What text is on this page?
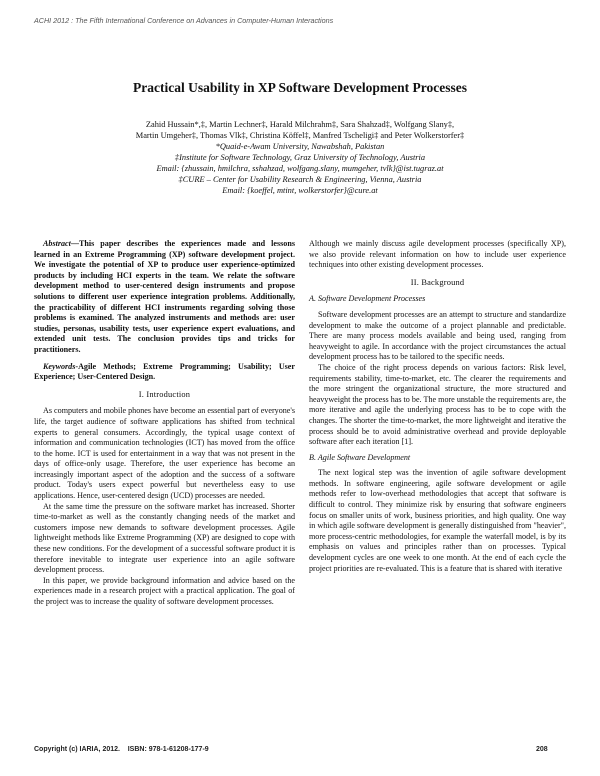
ACHI 2012 : The Fifth International Conference on Advances in Computer-Human Interactions
Practical Usability in XP Software Development Processes
Zahid Hussain*,‡, Martin Lechner‡, Harald Milchrahm‡, Sara Shahzad‡, Wolfgang Slany‡,
Martin Umgeher‡, Thomas Vlk‡, Christina Köffel‡, Manfred Tscheligi‡ and Peter Wolkerstorfer‡
*Quaid-e-Awam University, Nawabshah, Pakistan
‡Institute for Software Technology, Graz University of Technology, Austria
Email: {zhussain, hmilchra, sshahzad, wolfgang.slany, mumgeher, tvlk}@ist.tugraz.at
‡CURE – Center for Usability Research & Engineering, Vienna, Austria
Email: {koeffel, mtint, wolkerstorfer}@cure.at

Abstract—This paper describes the experiences made and lessons learned in an Extreme Programming (XP) software development project. We investigate the potential of XP to produce user experience-optimized products by including HCI experts in the team. We relate the software development method to user-centered design instruments and propose solutions to different user experience integration problems. Additionally, the practicability of different HCI instruments regarding solving those problems is examined. The analyzed instruments and methods are: user studies, personas, usability tests, user experience expert evaluations, and extended unit tests. The conclusion provides tips and tricks for practitioners.

Keywords-Agile Methods; Extreme Programming; Usability; User Experience; User-Centered Design.

I. Introduction

As computers and mobile phones have become an essential part of everyone's life, the target audience of software applications has shifted from technical experts to general consumers. Accordingly, the typical usage context of information and communication technologies (ICT) has moved from the office to the home. ICT is used for entertainment in a way that was not present in the days of office-only usage. Therefore, the user experience has become an increasingly important aspect of the adoption and the success of a software product. Today's users expect powerful but nevertheless easy to use applications. Hence, user-centered design (UCD) processes are needed.

At the same time the pressure on the software market has increased. Shorter time-to-market as well as the constantly changing needs of the market and customers impose new demands to software development processes. Agile lightweight methods like Extreme Programming (XP) are designed to cope with these new conditions. For the development of a successful software product it is therefore inevitable to integrate user experience into an agile software development process.

In this paper, we provide background information and advice based on the experiences made in a research project with a practical application. The goal of the project was to increase the quality of software development processes.

Although we mainly discuss agile development processes (specifically XP), we also provide relevant information on how to include user experience techniques into other existing development processes.

II. Background

A. Software Development Processes

Software development processes are an attempt to structure and standardize development to make the outcome of a project plannable and predictable. There are many process models available and being used, ranging from heavyweight to agile. In accordance with the project circumstances the actual development process has to be tailored to the specific needs.

The choice of the right process depends on various factors: Risk level, requirements stability, time-to-market, etc. The clearer the requirements and the more stringent the organizational structure, the more structured and heavyweight the process has to be. The more unstable the requirements are, the more iterative and agile the underlying process has to be to cope with the changes. The shorter the time-to-market, the more lightweight and iterative the process should be to avoid administrative overhead and provide deployable software after each iteration [1].

B. Agile Software Development

The next logical step was the invention of agile software development methods. In software engineering, agile software development or agile methods refer to low-overhead methodologies that accept that software is difficult to control. They minimize risk by ensuring that software engineers focus on smaller units of work, business priorities, and high quality. One way in which agile software development is generally distinguished from "heavier", more process-centric methodologies, for example the waterfall model, is by its emphasis on values and principles rather than on processes. Typical development cycles are one week to one month. At the end of each cycle the project priorities are re-evaluated. This is a feature that is shared with iterative

Copyright (c) IARIA, 2012.    ISBN: 978-1-61208-177-9	208
